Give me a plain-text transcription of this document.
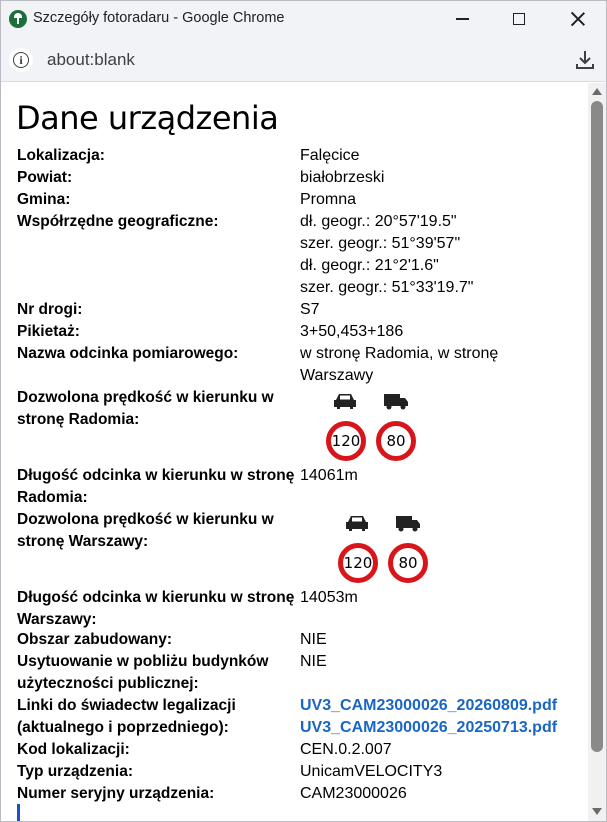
Szczegóły fotoradaru - Google Chrome
i	about:blank
Dane urządzenia
Lokalizacja:	Falęcice
Powiat:	białobrzeski
Gmina:	Promna
Współrzędne geograficzne:	dł. geogr.: 20°57'19.5"
szer. geogr.: 51°39'57"
dł. geogr.: 21°2'1.6"
szer. geogr.: 51°33'19.7"
Nr drogi:	S7
Pikietaż:	3+50,453+186
Nazwa odcinka pomiarowego:	w stronę Radomia, w stronę Warszawy
Dozwolona prędkość w kierunku w stronę Radomia:
120	80
Długość odcinka w kierunku w stronę Radomia:
14061m
Dozwolona prędkość w kierunku w stronę Warszawy:
120	80
Długość odcinka w kierunku w stronę Warszawy:
14053m
Obszar zabudowany:	NIE
Usytuowanie w pobliżu budynków użyteczności publicznej:
NIE
Linki do świadectw legalizacji (aktualnego i poprzedniego):
UV3_CAM23000026_20260809.pdf
UV3_CAM23000026_20250713.pdf
Kod lokalizacji:	CEN.0.2.007
Typ urządzenia:	UnicamVELOCITY3
Numer seryjny urządzenia:	CAM23000026
